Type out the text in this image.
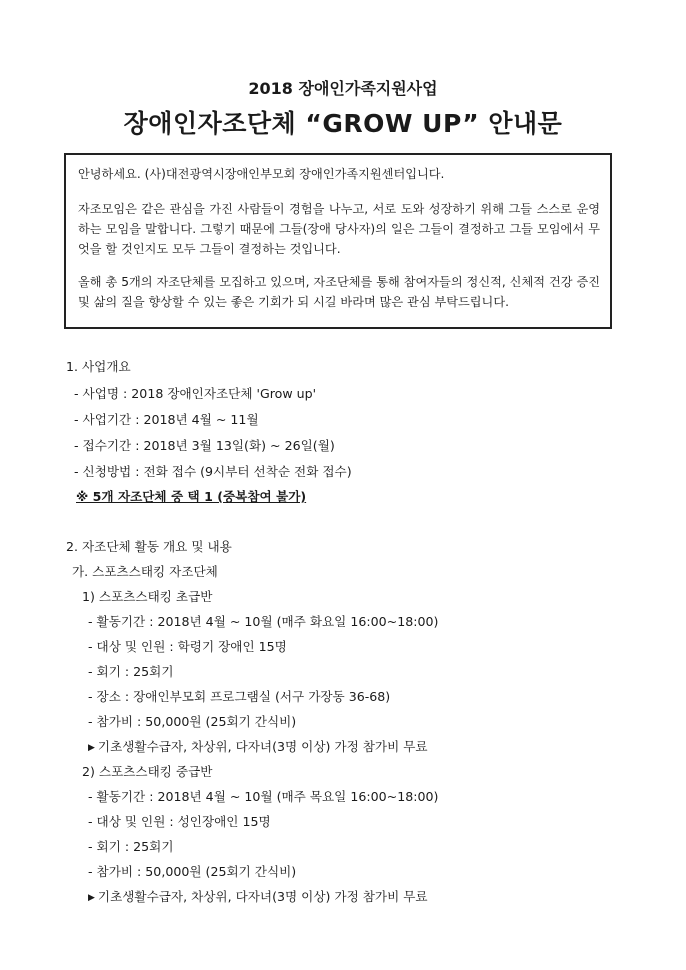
2018 장애인가족지원사업
장애인자조단체 “GROW UP” 안내문

안녕하세요. (사)대전광역시장애인부모회 장애인가족지원센터입니다.

자조모임은 같은 관심을 가진 사람들이 경험을 나누고, 서로 도와 성장하기 위해 그들 스스로 운영하는 모임을 말합니다. 그렇기 때문에 그들(장애 당사자)의 일은 그들이 결정하고 그들 모임에서 무엇을 할 것인지도 모두 그들이 결정하는 것입니다.

올해 총 5개의 자조단체를 모집하고 있으며, 자조단체를 통해 참여자들의 정신적, 신체적 건강 증진 및 삶의 질을 향상할 수 있는 좋은 기회가 되 시길 바라며 많은 관심 부탁드립니다.

1. 사업개요
- 사업명 : 2018 장애인자조단체 'Grow up'
- 사업기간 : 2018년 4월 ~ 11월
- 접수기간 : 2018년 3월 13일(화) ~ 26일(월)
- 신청방법 : 전화 접수 (9시부터 선착순 전화 접수)
※ 5개 자조단체 중 택 1 (중복참여 불가)
2. 자조단체 활동 개요 및 내용
가. 스포츠스태킹 자조단체
1) 스포츠스태킹 초급반
- 활동기간 : 2018년 4월 ~ 10월 (매주 화요일 16:00~18:00)
- 대상 및 인원 : 학령기 장애인 15명
- 회기 : 25회기
- 장소 : 장애인부모회 프로그램실 (서구 가장동 36-68)
- 참가비 : 50,000원 (25회기 간식비)
▶ 기초생활수급자, 차상위, 다자녀(3명 이상) 가정 참가비 무료
2) 스포츠스태킹 중급반
- 활동기간 : 2018년 4월 ~ 10월 (매주 목요일 16:00~18:00)
- 대상 및 인원 : 성인장애인 15명
- 회기 : 25회기
- 참가비 : 50,000원 (25회기 간식비)
▶ 기초생활수급자, 차상위, 다자녀(3명 이상) 가정 참가비 무료
